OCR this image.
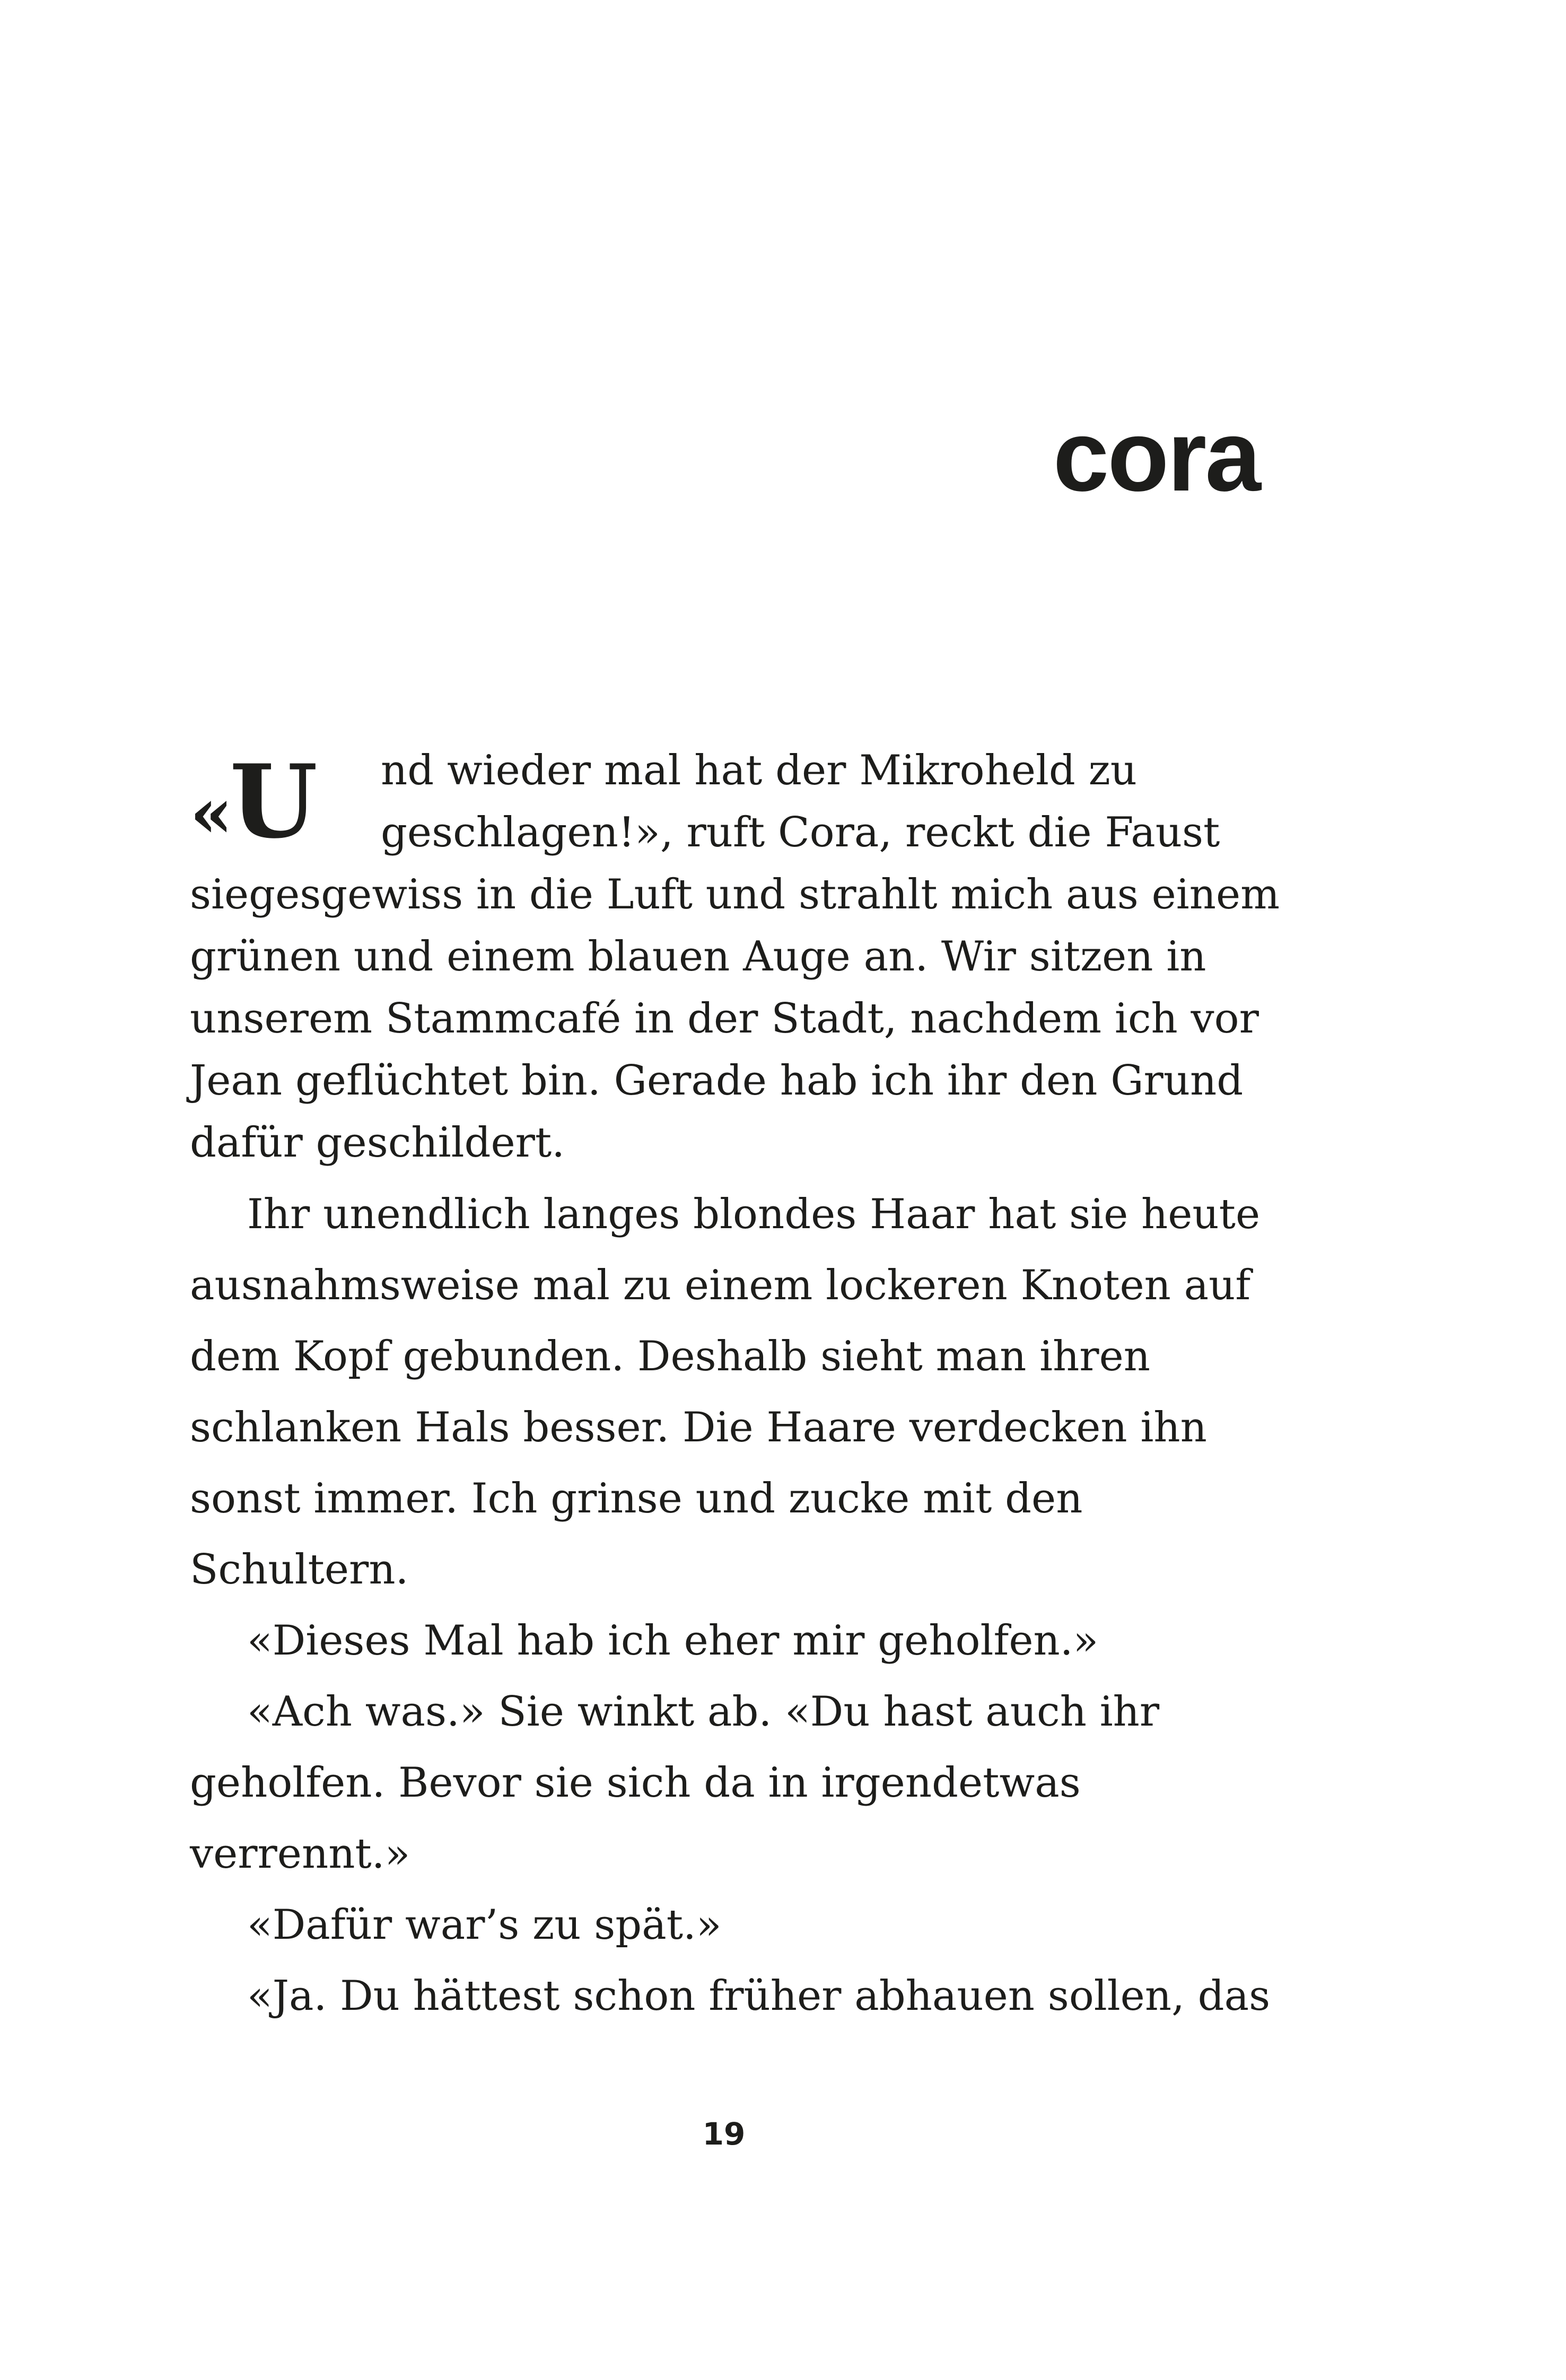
cora
«U	nd wieder mal hat der Mikroheld zu
geschlagen!», ruft Cora, reckt die Faust
siegesgewiss in die Luft und strahlt mich aus einem
grünen und einem blauen Auge an. Wir sitzen in
unserem Stammcafé in der Stadt, nachdem ich vor
Jean geflüchtet bin. Gerade hab ich ihr den Grund
dafür geschildert.
Ihr unendlich langes blondes Haar hat sie heute
ausnahmsweise mal zu einem lockeren Knoten auf
dem Kopf gebunden. Deshalb sieht man ihren
schlanken Hals besser. Die Haare verdecken ihn
sonst immer. Ich grinse und zucke mit den
Schultern.
«Dieses Mal hab ich eher mir geholfen.»
«Ach was.» Sie winkt ab. «Du hast auch ihr
geholfen. Bevor sie sich da in irgendetwas
verrennt.»
«Dafür war’s zu spät.»
«Ja. Du hättest schon früher abhauen sollen, das
19
